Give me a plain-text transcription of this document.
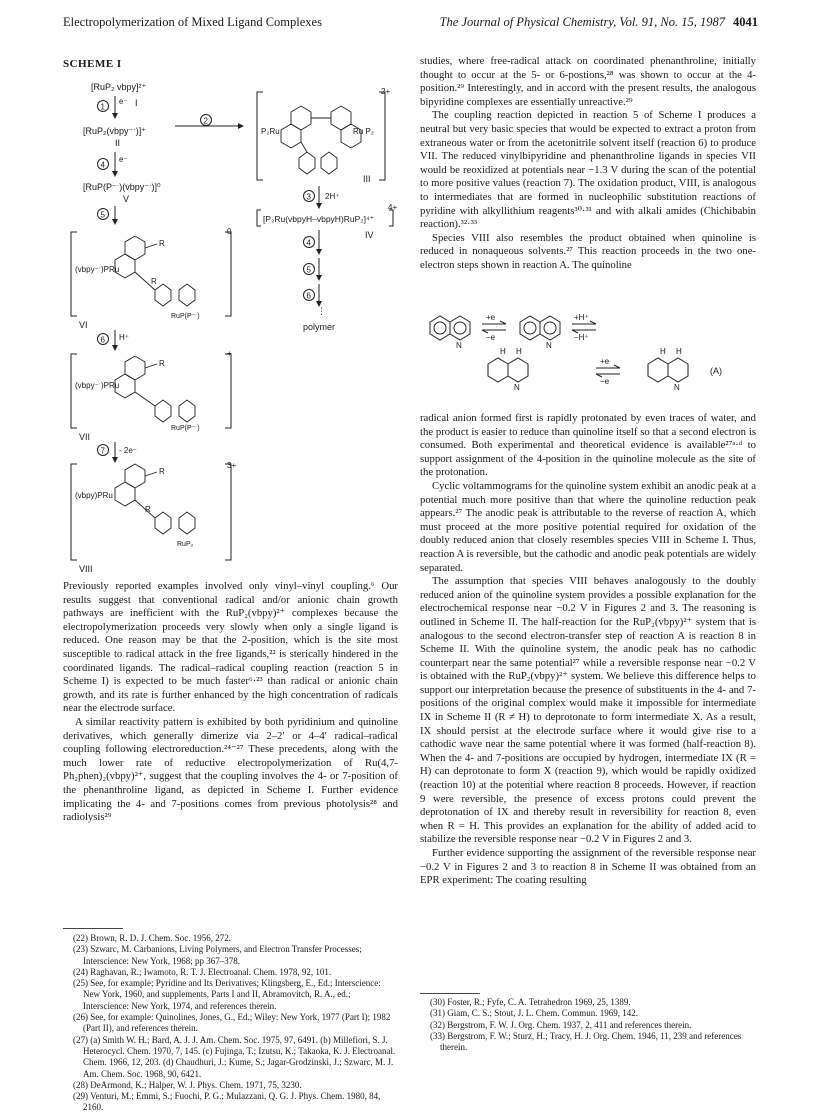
Electropolymerization of Mixed Ligand Complexes	The Journal of Physical Chemistry, Vol. 91, No. 15, 1987 4041
SCHEME I
[RuP₂ vbpy]²⁺
1
e⁻ I
[RuP₂(vbpy⁻ˑ)]⁺
II
2
4
e⁻
[RuP(P⁻ˑ)(vbpy⁻ˑ)]⁰
V
5
2+
P₂Ru	Ru P₂
III
3 2H⁺
[P₂Ru(vbpyH–vbpyH)RuP₂]⁴⁺
4+
IV
4
5
6
⋮
polymer
0
(vbpy⁻ˑ)PRu
R
R
RuP(P⁻ˑ)
VI
6 H⁺
+
(vbpy⁻ˑ)PRu
R
RuP(P⁻ˑ)
VII
7 - 2e⁻
3+
(vbpy)PRu
R
R
RuP₂
VIII

Previously reported examples involved only vinyl–vinyl coupling.⁶ Our results suggest that conventional radical and/or anionic chain growth pathways are inefficient with the RuP₂(vbpy)²⁺ complexes because the electropolymerization proceeds very slowly when only a single ligand is reduced. One reason may be that the 2-position, which is the site most susceptible to radical attack in the free ligands,²² is sterically hindered in the coordinated ligands. The radical–radical coupling reaction (reaction 5 in Scheme I) is expected to be much faster⁶·²³ than radical or anionic chain growth, and its rate is further enhanced by the high concentration of radicals near the electrode surface.

A similar reactivity pattern is exhibited by both pyridinium and quinoline derivatives, which generally dimerize via 2–2′ or 4–4′ radical–radical coupling following electroreduction.²⁴⁻²⁷ These precedents, along with the much lower rate of reductive electropolymerization of Ru(4,7-Ph₂phen)₂(vbpy)²⁺, suggest that the coupling involves the 4- or 7-position of the phenanthroline ligand, as depicted in Scheme I. Further evidence implicating the 4- and 7-positions comes from previous photolysis²⁸ and radiolysis²⁹

(22) Brown, R. D. J. Chem. Soc. 1956, 272.
(23) Szwarc, M. Carbanions, Living Polymers, and Electron Transfer Processes; Interscience: New York, 1968; pp 367–378.
(24) Raghavan, R.; Iwamoto, R. T. J. Electroanal. Chem. 1978, 92, 101.
(25) See, for example; Pyridine and Its Derivatives; Klingsberg, E., Ed.; Interscience: New York, 1960, and supplements, Parts I and II, Abramovitch, R. A., ed.; Interscience: New York, 1974, and references therein.
(26) See, for example: Quinolines, Jones, G., Ed.; Wiley: New York, 1977 (Part I); 1982 (Part II), and references therein.
(27) (a) Smith W. H.; Bard, A. J. J. Am. Chem. Soc. 1975, 97, 6491. (b) Millefiori, S. J. Heterocycl. Chem. 1970, 7, 145. (c) Fujinga, T.; Izutsu, K.; Takaoka, K. J. Electroanal. Chem. 1966, 12, 203. (d) Chaudhuri, J.; Kume, S.; Jagar-Grodzinski, J.; Szwarc, M. J. Am. Chem. Soc. 1968, 90, 6421.
(28) DeArmond, K.; Halper, W. J. Phys. Chem. 1971, 75, 3230.
(29) Venturi, M.; Emmi, S.; Fuochi, P. G.; Mulazzani, Q. G. J. Phys. Chem. 1980, 84, 2160.

studies, where free-radical attack on coordinated phenanthroline, initially thought to occur at the 5- or 6-postions,²⁸ was shown to occur at the 4-position.²⁹ Interestingly, and in accord with the present results, the analogous bipyridine complexes are essentially unreactive.²⁹

The coupling reaction depicted in reaction 5 of Scheme I produces a neutral but very basic species that would be expected to extract a proton from extraneous water or from the acetonitrile solvent itself (reaction 6) to produce VII. The reduced vinylbipyridine and phenanthroline ligands in species VII would be reoxidized at potentials near −1.3 V during the scan of the potential to more positive values (reaction 7). The oxidation product, VIII, is analogous to intermediates that are formed in nucleophilic substitution reactions of pyridine with alkyllithium reagents³⁰·³¹ and with alkali amides (Chichibabin reaction).³²·³³

Species VIII also resembles the product obtained when quinoline is reduced in nonaqueous solvents.²⁷ This reaction proceeds in the two one-electron steps shown in reaction A. The quinoline

N	N
N	N
H H	H H
+e
−e
+H⁺
−H⁺
+e
−e
(A)

radical anion formed first is rapidly protonated by even traces of water, and the product is easier to reduce than quinoline itself so that a second electron is consumed. Both experimental and theoretical evidence is available²⁷ᵃ·ᵈ to support assignment of the 4-position in the quinoline molecule as the site of the protonation.

Cyclic voltammograms for the quinoline system exhibit an anodic peak at a potential much more positive than that where the quinoline reduction peak appears.²⁷ The anodic peak is attributable to the reverse of reaction A, which must proceed at the more positive potential required for oxidation of the doubly reduced anion that closely resembles species VIII in Scheme I. Thus, reaction A is reversible, but the cathodic and anodic peak potentials are widely separated.

The assumption that species VIII behaves analogously to the doubly reduced anion of the quinoline system provides a possible explanation for the electrochemical response near −0.2 V in Figures 2 and 3. The reasoning is outlined in Scheme II. The half-reaction for the RuP₂(vbpy)²⁺ system that is analogous to the second electron-transfer step of reaction A is reaction 8 in Scheme II. With the quinoline system, the anodic peak has no cathodic counterpart near the same potential²⁷ while a reversible response near −0.2 V is obtained with the RuP₂(vbpy)²⁺ system. We believe this difference helps to support our interpretation because the presence of substituents in the 4- and 7-positions of the original complex would make it impossible for intermediate IX in Scheme II (R ≠ H) to deprotonate to form intermediate X. As a result, IX should persist at the electrode surface where it would give rise to a cathodic wave near the same potential where it was formed (half-reaction 8). When the 4- and 7-positions are occupied by hydrogen, intermediate IX (R = H) can deprotonate to form X (reaction 9), which would be rapidly oxidized (reaction 10) at the potential where reaction 8 proceeds. However, if reaction 9 were reversible, the presence of excess protons could prevent the deprotonation of IX and thereby result in reversibility for reaction 8, even when R = H. This provides an explanation for the ability of added acid to stabilize the reversible response near −0.2 V in Figures 2 and 3.

Further evidence supporting the assignment of the reversible response near −0.2 V in Figures 2 and 3 to reaction 8 in Scheme II was obtained from an EPR experiment: The coating resulting

(30) Foster, R.; Fyfe, C. A. Tetrahedron 1969, 25, 1389.
(31) Giam, C. S.; Stout, J. L. Chem. Commun. 1969, 142.
(32) Bergstrom, F. W. J. Org. Chem. 1937, 2, 411 and references therein.
(33) Bergstrom, F. W.; Sturz, H.; Tracy, H. J. Org. Chem. 1946, 11, 239 and references therein.
